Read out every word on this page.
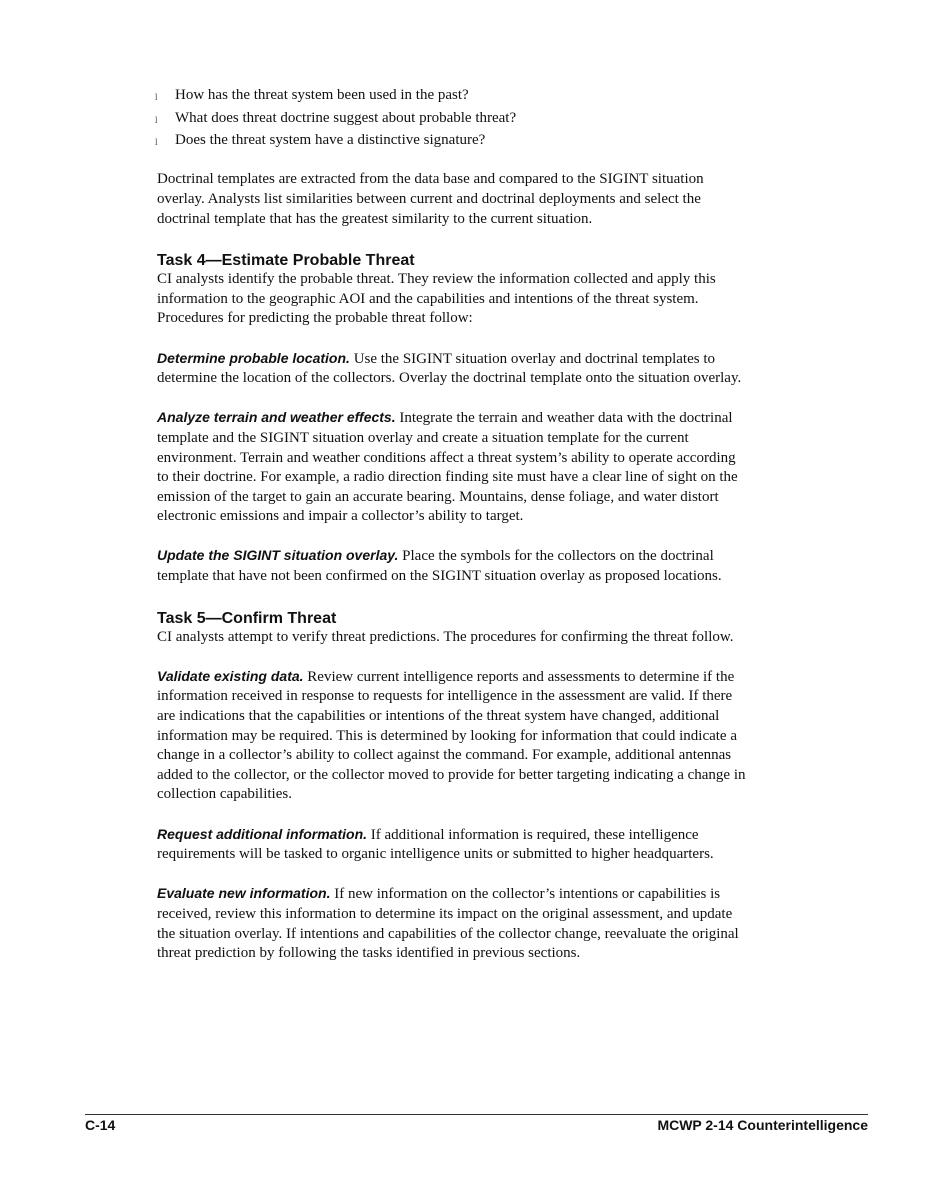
l How has the threat system been used in the past?
l What does threat doctrine suggest about probable threat?
l Does the threat system have a distinctive signature?

Doctrinal templates are extracted from the data base and compared to the SIGINT situation overlay. Analysts list similarities between current and doctrinal deployments and select the doctrinal template that has the greatest similarity to the current situation.

Task 4—Estimate Probable Threat

CI analysts identify the probable threat. They review the information collected and apply this information to the geographic AOI and the capabilities and intentions of the threat system. Procedures for predicting the probable threat follow:

Determine probable location. Use the SIGINT situation overlay and doctrinal templates to determine the location of the collectors. Overlay the doctrinal template onto the situation overlay.

Analyze terrain and weather effects. Integrate the terrain and weather data with the doctrinal template and the SIGINT situation overlay and create a situation template for the current environment. Terrain and weather conditions affect a threat system’s ability to operate according to their doctrine. For example, a radio direction finding site must have a clear line of sight on the emission of the target to gain an accurate bearing. Mountains, dense foliage, and water distort electronic emissions and impair a collector’s ability to target.

Update the SIGINT situation overlay. Place the symbols for the collectors on the doctrinal template that have not been confirmed on the SIGINT situation overlay as proposed locations.

Task 5—Confirm Threat

CI analysts attempt to verify threat predictions. The procedures for confirming the threat follow.

Validate existing data. Review current intelligence reports and assessments to determine if the information received in response to requests for intelligence in the assessment are valid. If there are indications that the capabilities or intentions of the threat system have changed, additional information may be required. This is determined by looking for information that could indicate a change in a collector’s ability to collect against the command. For example, additional antennas added to the collector, or the collector moved to provide for better targeting indicating a change in collection capabilities.

Request additional information. If additional information is required, these intelligence requirements will be tasked to organic intelligence units or submitted to higher headquarters.

Evaluate new information. If new information on the collector’s intentions or capabilities is received, review this information to determine its impact on the original assessment, and update the situation overlay. If intentions and capabilities of the collector change, reevaluate the original threat prediction by following the tasks identified in previous sections.

C-14	MCWP 2-14 Counterintelligence
